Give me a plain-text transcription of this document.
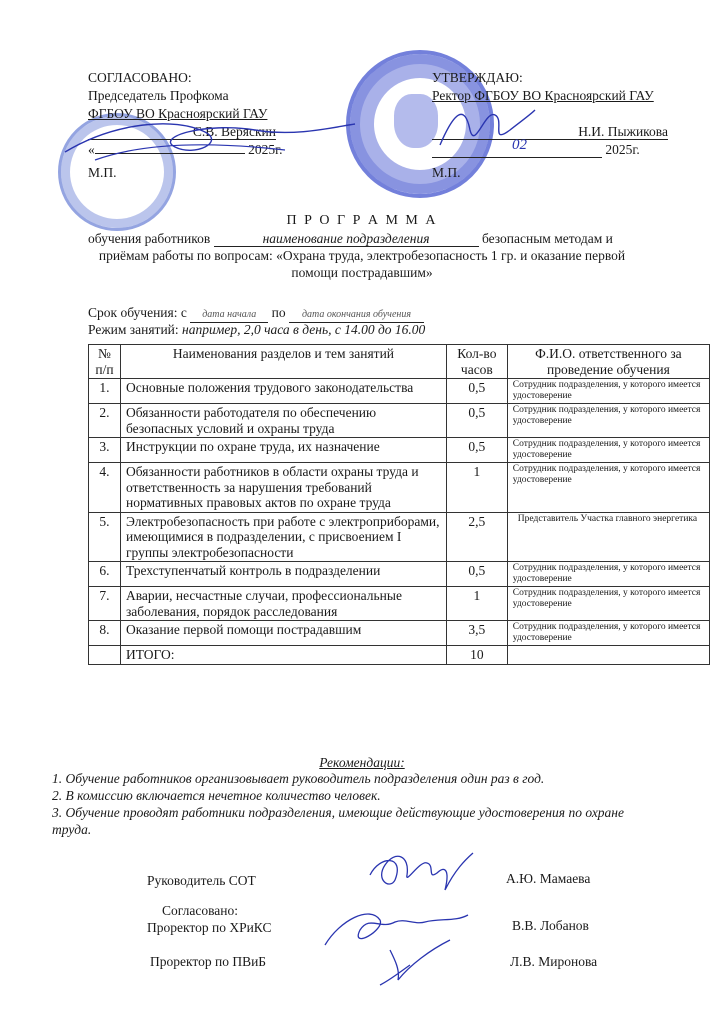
СОГЛАСОВАНО:
Председатель Профкома
ФГБОУ ВО Красноярский ГАУ
С.В. Веряскин
«	2025г.
М.П.
УТВЕРЖДАЮ:
Ректор ФГБОУ ВО Красноярский ГАУ
Н.И. Пыжикова
02	2025г.
М.П.
П Р О Г Р А М М А
обучения работников	наименование подразделения	безопасным методам и
приёмам работы по вопросам: «Охрана труда, электробезопасность 1 гр. и оказание первой
помощи пострадавшим»
Срок обучения: с дата начала по дата окончания обучения
Режим занятий: например, 2,0 часа в день, с 14.00 до 16.00
№ п/п	Наименования разделов и тем занятий	Кол-во часов	Ф.И.О. ответственного за проведение обучения
1.	Основные положения трудового законодательства	0,5	Сотрудник подразделения, у которого имеется удостоверение
2.	Обязанности работодателя по обеспечению безопасных условий и охраны труда	0,5	Сотрудник подразделения, у которого имеется удостоверение
3.	Инструкции по охране труда, их назначение	0,5	Сотрудник подразделения, у которого имеется удостоверение
4.	Обязанности работников в области охраны труда и ответственность за нарушения требований нормативных правовых актов по охране труда	1	Сотрудник подразделения, у которого имеется удостоверение
5.	Электробезопасность при работе с электроприборами, имеющимися в подразделении, с присвоением I группы электробезопасности	2,5	Представитель Участка главного энергетика
6.	Трехступенчатый контроль в подразделении	0,5	Сотрудник подразделения, у которого имеется удостоверение
7.	Аварии, несчастные случаи, профессиональные заболевания, порядок расследования	1	Сотрудник подразделения, у которого имеется удостоверение
8.	Оказание первой помощи пострадавшим	3,5	Сотрудник подразделения, у которого имеется удостоверение
	ИТОГО:	10	
Рекомендации:
1. Обучение работников организовывает руководитель подразделения один раз в год.
2. В комиссию включается нечетное количество человек.
3. Обучение проводят работники подразделения, имеющие действующие удостоверения по охране
труда.
Руководитель СОТ	А.Ю. Мамаева
Согласовано:
Проректор по ХРиКС	В.В. Лобанов
Проректор по ПВиБ	Л.В. Миронова
